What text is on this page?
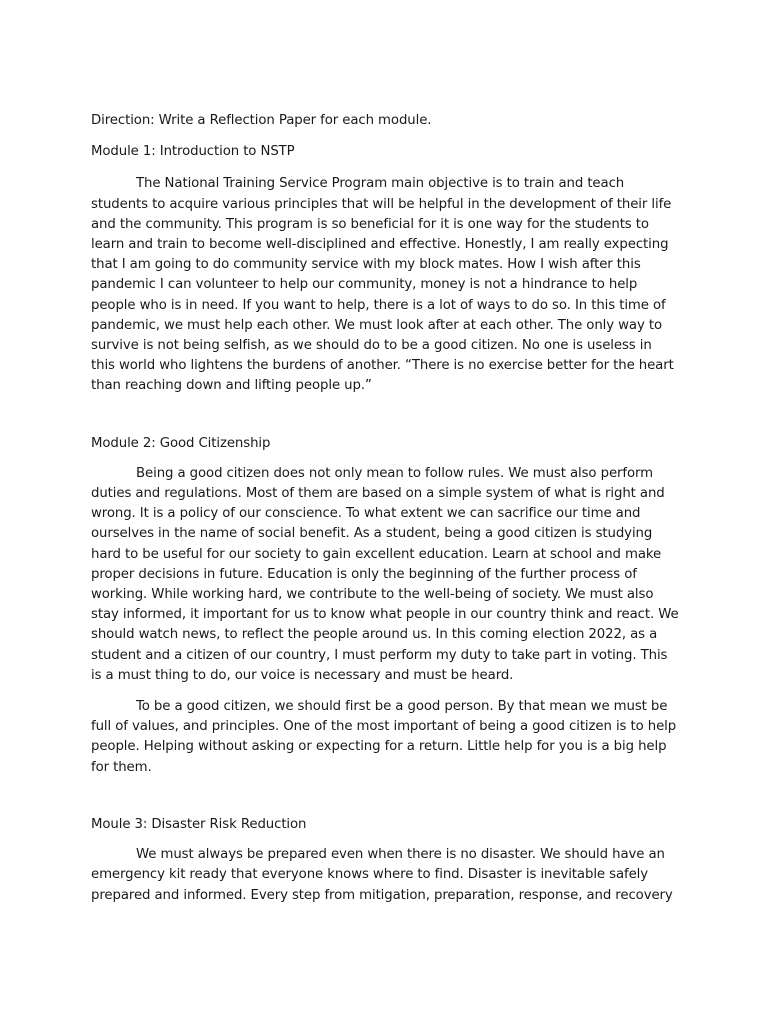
Direction: Write a Reflection Paper for each module.

Module 1: Introduction to NSTP

The National Training Service Program main objective is to train and teach students to acquire various principles that will be helpful in the development of their life and the community. This program is so beneficial for it is one way for the students to learn and train to become well-disciplined and effective. Honestly, I am really expecting that I am going to do community service with my block mates. How I wish after this pandemic I can volunteer to help our community, money is not a hindrance to help people who is in need. If you want to help, there is a lot of ways to do so. In this time of pandemic, we must help each other. We must look after at each other. The only way to survive is not being selfish, as we should do to be a good citizen. No one is useless in this world who lightens the burdens of another. “There is no exercise better for the heart than reaching down and lifting people up.”

Module 2: Good Citizenship

Being a good citizen does not only mean to follow rules. We must also perform duties and regulations. Most of them are based on a simple system of what is right and wrong. It is a policy of our conscience. To what extent we can sacrifice our time and ourselves in the name of social benefit. As a student, being a good citizen is studying hard to be useful for our society to gain excellent education. Learn at school and make proper decisions in future. Education is only the beginning of the further process of working. While working hard, we contribute to the well-being of society. We must also stay informed, it important for us to know what people in our country think and react. We should watch news, to reflect the people around us. In this coming election 2022, as a student and a citizen of our country, I must perform my duty to take part in voting. This is a must thing to do, our voice is necessary and must be heard.

To be a good citizen, we should first be a good person. By that mean we must be full of values, and principles. One of the most important of being a good citizen is to help people. Helping without asking or expecting for a return. Little help for you is a big help for them.

Moule 3: Disaster Risk Reduction

We must always be prepared even when there is no disaster. We should have an emergency kit ready that everyone knows where to find. Disaster is inevitable safely prepared and informed. Every step from mitigation, preparation, response, and recovery
